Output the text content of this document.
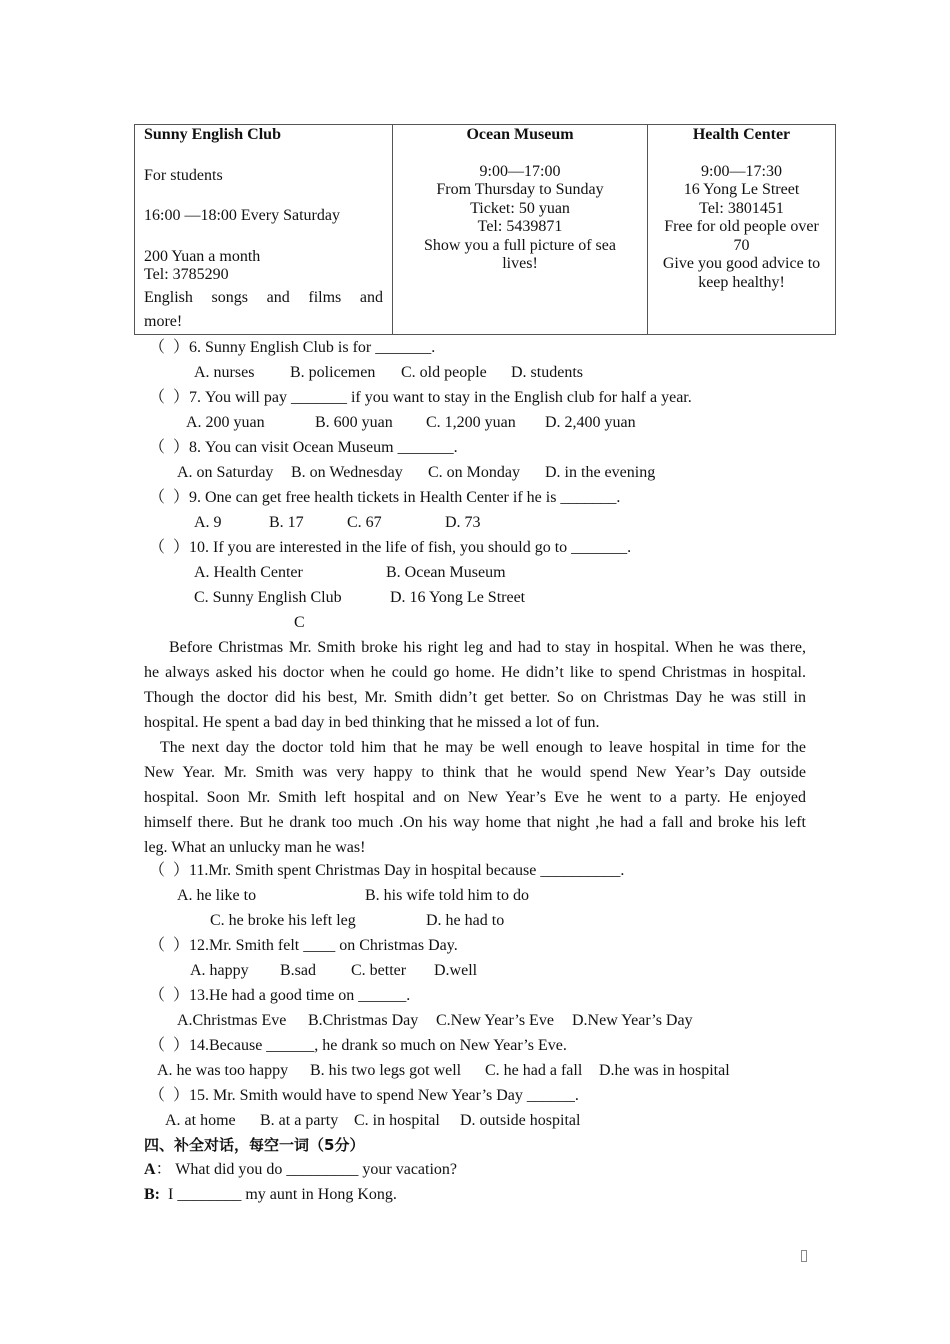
Sunny English Club
For students
16:00 —18:00 Every Saturday
200 Yuan a month
Tel: 3785290
English songs and films and
more!

Ocean Museum
9:00—17:00
From Thursday to Sunday
Ticket: 50 yuan
Tel: 5439871
Show you a full picture of sea
lives!

Health Center
9:00—17:30
16 Yong Le Street
Tel: 3801451
Free for old people over
70
Give you good advice to
keep healthy!
（  ）6. Sunny English Club is for _______.
A. nurses B. policemen C. old people D. students
（  ）7. You will pay _______ if you want to stay in the English club for half a year.
A. 200 yuan	B. 600 yuan C. 1,200 yuan D. 2,400 yuan
（  ）8. You can visit Ocean Museum _______.
A. on Saturday B. on Wednesday C. on Monday D. in the evening
（  ）9. One can get free health tickets in Health Center if he is _______.
A. 9	B. 17	C. 67	D. 73
（  ）10. If you are interested in the life of fish, you should go to _______.
A. Health Center	B. Ocean Museum
C. Sunny English Club	D. 16 Yong Le Street
C
Before Christmas Mr. Smith broke his right leg and had to stay in hospital. When he was there,
he always asked his doctor when he could go home. He didn’t like to spend Christmas in hospital.
Though the doctor did his best, Mr. Smith didn’t get better. So on Christmas Day he was still in
hospital. He spent a bad day in bed thinking that he missed a lot of fun.
The next day the doctor told him that he may be well enough to leave hospital in time for the
New Year. Mr. Smith was very happy to think that he would spend New Year’s Day outside
hospital. Soon Mr. Smith left hospital and on New Year’s Eve he went to a party. He enjoyed
himself there. But he drank too much .On his way home that night ,he had a fall and broke his left
leg. What an unlucky man he was!
（  ）11.Mr. Smith spent Christmas Day in hospital because __________.
A. he like to	B. his wife told him to do
C. he broke his left leg	D. he had to
（  ）12.Mr. Smith felt ____ on Christmas Day.
A. happy B.sad C. better D.well
（  ）13.He had a good time on ______.
A.Christmas Eve B.Christmas Day C.New Year’s Eve D.New Year’s Day
（  ）14.Because ______, he drank so much on New Year’s Eve.
A. he was too happy B. his two legs got well C. he had a fall D.he was in hospital
（  ）15. Mr. Smith would have to spend New Year’s Day ______.
A. at home B. at a party C. in hospital D. outside hospital
四、补全对话，每空一词（5分）
A： What did you do _________ your vacation?
B:  I ________ my aunt in Hong Kong.
